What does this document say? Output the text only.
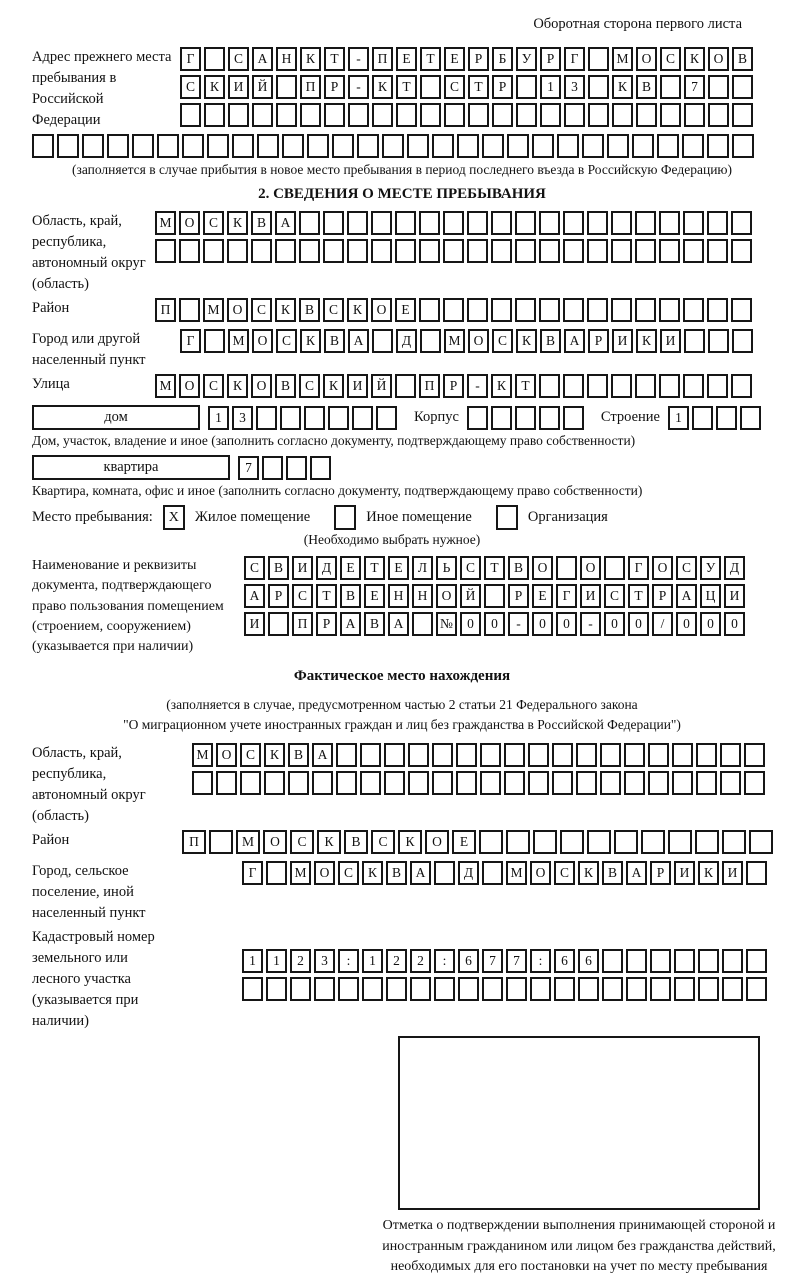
Оборотная сторона первого листа
Адрес прежнего места пребывания в Российской Федерации
Г	С	А	Н	К	Т	-	П	Е	Т	Е	Р	Б	У	Р	Г	М О	С	К	О	В
С	К	И	Й	П	Р	-	К	Т	С	Т	Р	1	3	К	В	7
(заполняется в случае прибытия в новое место пребывания в период последнего въезда в Российскую Федерацию)
2. СВЕДЕНИЯ О МЕСТЕ ПРЕБЫВАНИЯ
Область, край, республика, автономный округ (область)
М О	С	К	В	А
Район	П	М О	С	К	В	С	К	О	Е
Город или другой населенный пункт
Г	М О	С	К	В	А	Д	М О	С	К	В	А	Р	И	К	И
Улица	М О	С	К	О	В	С	К	И	Й	П	Р	-	К	Т
дом	1	3	Корпус	Строение	1
Дом, участок, владение и иное (заполнить согласно документу, подтверждающему право собственности)
квартира	7
Квартира, комната, офис и иное (заполнить согласно документу, подтверждающему право собственности)
Место пребывания:	X	Жилое помещение	Иное помещение	Организация
(Необходимо выбрать нужное)
Наименование и реквизиты документа, подтверждающего право пользования помещением (строением, сооружением) (указывается при наличии)
С	В	И	Д	Е	Т	Е	Л	Ь	С	Т	В	О	О	Г	О	С	У	Д
А	Р	С	Т	В	Е	Н	Н	О	Й	Р	Е	Г	И	С	Т	Р	А	Ц	И
И	П	Р	А	В	А	№	0	0	-	0	0	-	0	0	/	0	0	0
Фактическое место нахождения
(заполняется в случае, предусмотренном частью 2 статьи 21 Федерального закона
"О миграционном учете иностранных граждан и лиц без гражданства в Российской Федерации")
Область, край, республика, автономный округ (область)
М О	С	К	В	А
Район	П	М	О	С	К	В	С	К	О	Е
Город, сельское поселение, иной населенный пункт
Г	М О	С	К	В	А	Д	М О	С	К	В	А	Р	И	К	И
Кадастровый номер земельного или лесного участка (указывается при наличии)
1	1	2	3	:	1	2	2	:	6	7	7	:	6	6
Отметка о подтверждении выполнения принимающей стороной и иностранным гражданином или лицом без гражданства действий, необходимых для его постановки на учет по месту пребывания
